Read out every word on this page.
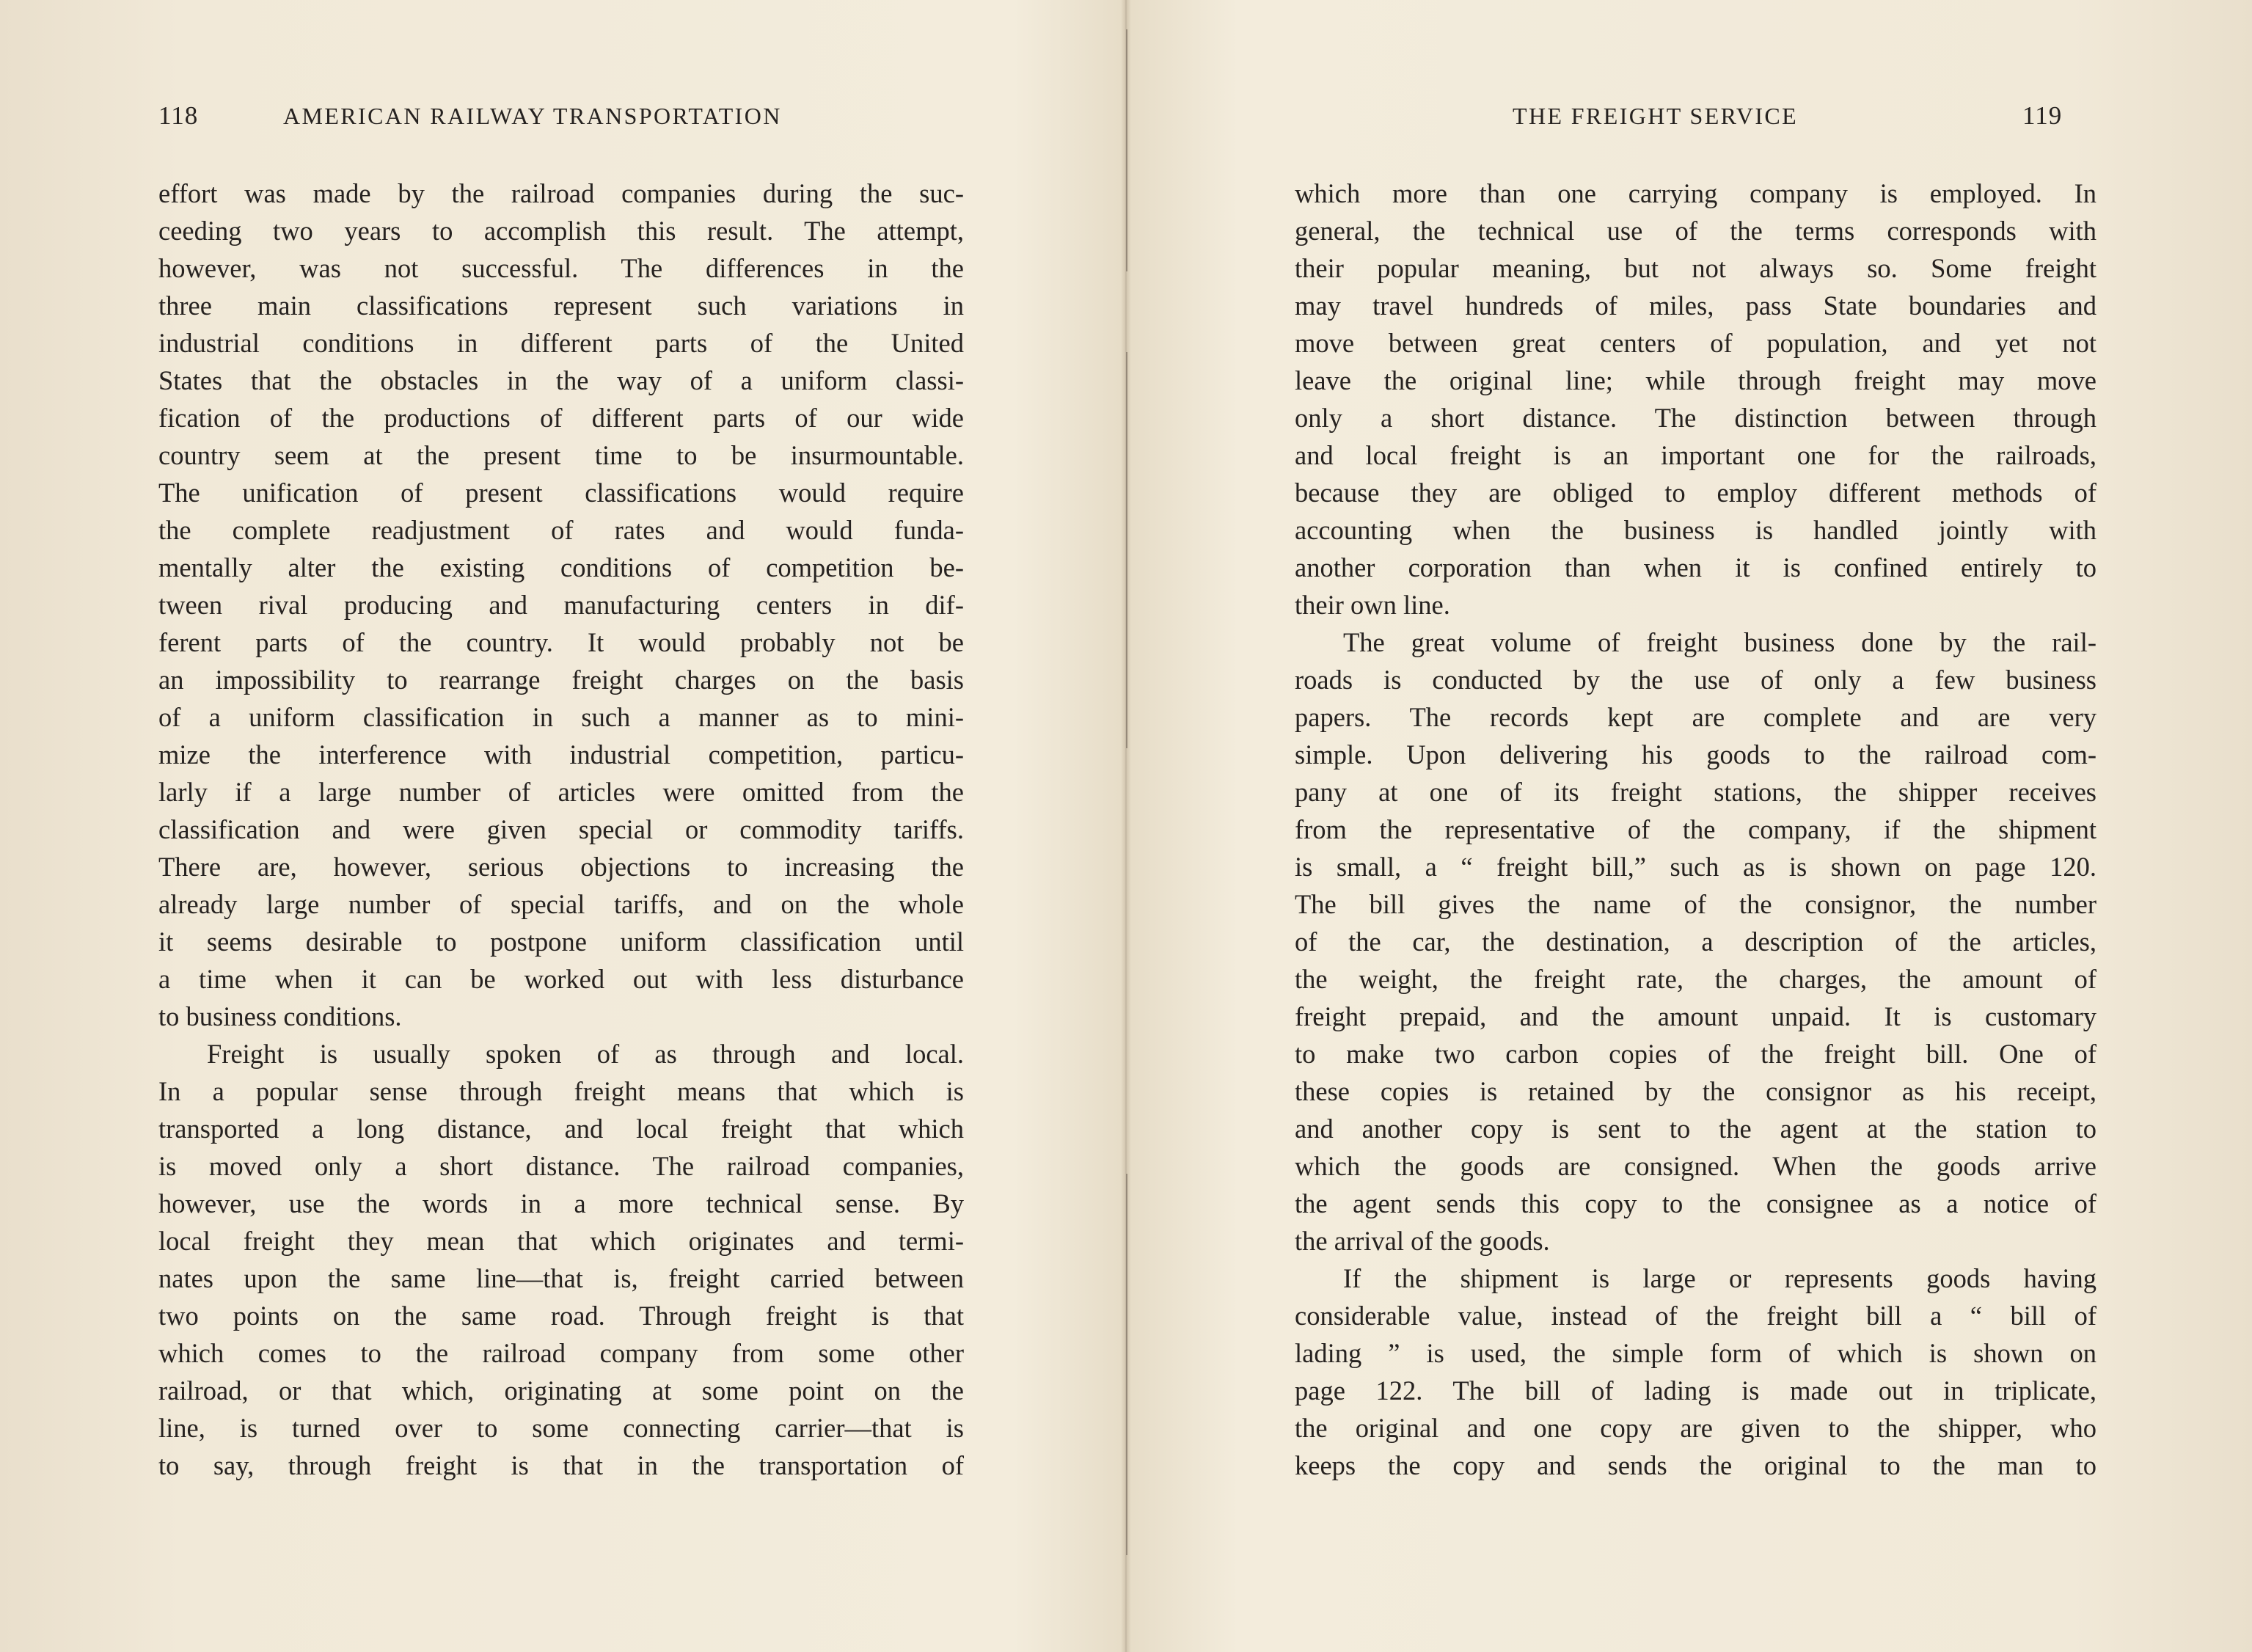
118	AMERICAN RAILWAY TRANSPORTATION
effort was made by the railroad companies during the suc-
ceeding two years to accomplish this result. The attempt,
however, was not successful. The differences in the
three main classifications represent such variations in
industrial conditions in different parts of the United
States that the obstacles in the way of a uniform classi-
fication of the productions of different parts of our wide
country seem at the present time to be insurmountable.
The unification of present classifications would require
the complete readjustment of rates and would funda-
mentally alter the existing conditions of competition be-
tween rival producing and manufacturing centers in dif-
ferent parts of the country. It would probably not be
an impossibility to rearrange freight charges on the basis
of a uniform classification in such a manner as to mini-
mize the interference with industrial competition, particu-
larly if a large number of articles were omitted from the
classification and were given special or commodity tariffs.
There are, however, serious objections to increasing the
already large number of special tariffs, and on the whole
it seems desirable to postpone uniform classification until
a time when it can be worked out with less disturbance
to business conditions.
Freight is usually spoken of as through and local.
In a popular sense through freight means that which is
transported a long distance, and local freight that which
is moved only a short distance. The railroad companies,
however, use the words in a more technical sense. By
local freight they mean that which originates and termi-
nates upon the same line—that is, freight carried between
two points on the same road. Through freight is that
which comes to the railroad company from some other
railroad, or that which, originating at some point on the
line, is turned over to some connecting carrier—that is
to say, through freight is that in the transportation of
THE FREIGHT SERVICE	119
which more than one carrying company is employed. In
general, the technical use of the terms corresponds with
their popular meaning, but not always so. Some freight
may travel hundreds of miles, pass State boundaries and
move between great centers of population, and yet not
leave the original line; while through freight may move
only a short distance. The distinction between through
and local freight is an important one for the railroads,
because they are obliged to employ different methods of
accounting when the business is handled jointly with
another corporation than when it is confined entirely to
their own line.
The great volume of freight business done by the rail-
roads is conducted by the use of only a few business
papers. The records kept are complete and are very
simple. Upon delivering his goods to the railroad com-
pany at one of its freight stations, the shipper receives
from the representative of the company, if the shipment
is small, a “ freight bill,” such as is shown on page 120.
The bill gives the name of the consignor, the number
of the car, the destination, a description of the articles,
the weight, the freight rate, the charges, the amount of
freight prepaid, and the amount unpaid. It is customary
to make two carbon copies of the freight bill. One of
these copies is retained by the consignor as his receipt,
and another copy is sent to the agent at the station to
which the goods are consigned. When the goods arrive
the agent sends this copy to the consignee as a notice of
the arrival of the goods.
If the shipment is large or represents goods having
considerable value, instead of the freight bill a “ bill of
lading ” is used, the simple form of which is shown on
page 122. The bill of lading is made out in triplicate,
the original and one copy are given to the shipper, who
keeps the copy and sends the original to the man to
